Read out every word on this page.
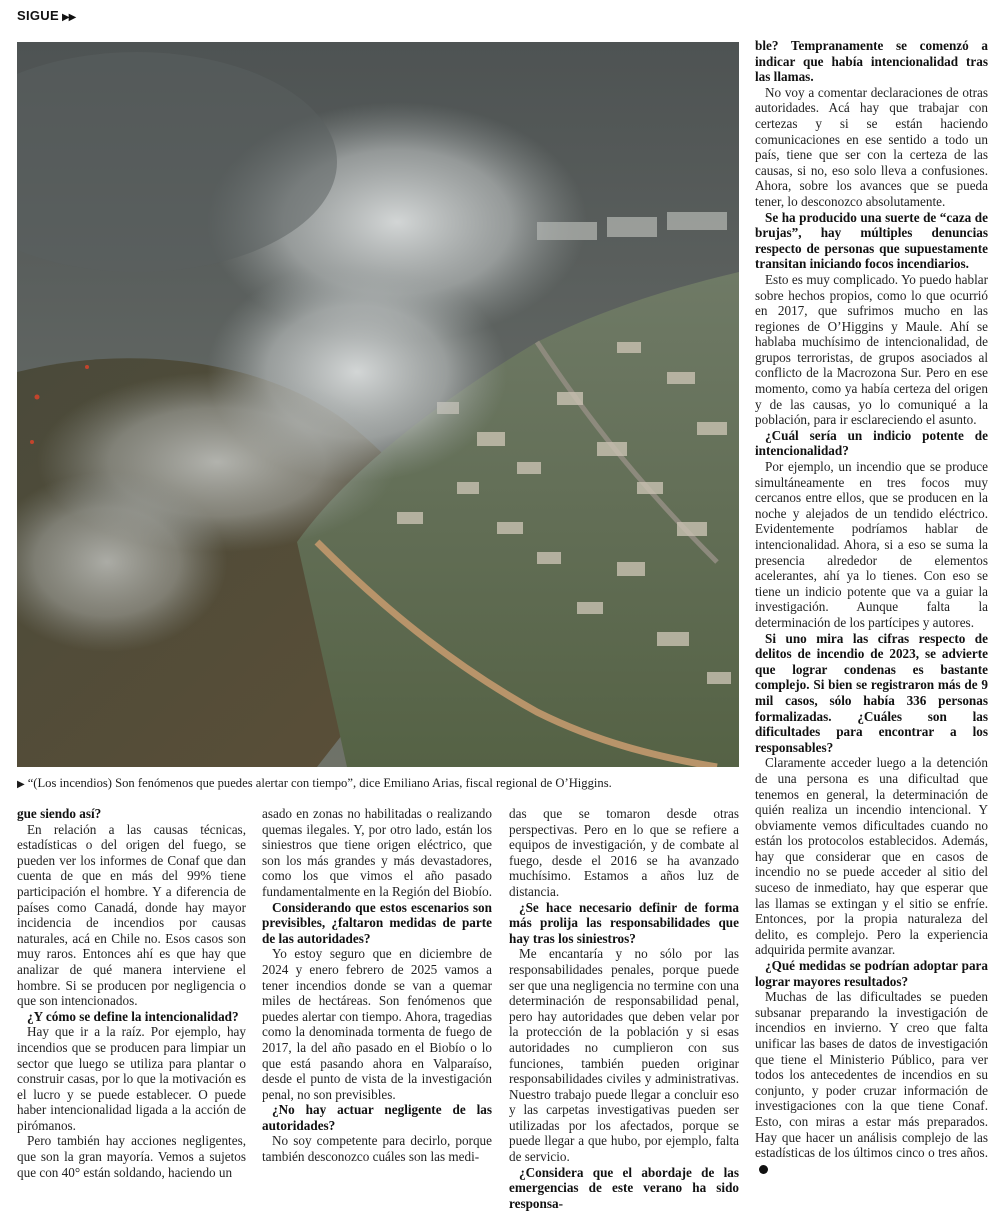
SIGUE ▶▶
▶ “(Los incendios) Son fenómenos que puedes alertar con tiempo”, dice Emiliano Arias, fiscal regional de O’Higgins.

ble? Tempranamente se comenzó a indicar que había intencionalidad tras las llamas.

No voy a comentar declaraciones de otras autoridades. Acá hay que trabajar con certezas y si se están haciendo comunicaciones en ese sentido a todo un país, tiene que ser con la certeza de las causas, si no, eso solo lleva a confusiones. Ahora, sobre los avances que se pueda tener, lo desconozco absolutamente.

Se ha producido una suerte de “caza de brujas”, hay múltiples denuncias respecto de personas que supuestamente transitan iniciando focos incendiarios.

Esto es muy complicado. Yo puedo hablar sobre hechos propios, como lo que ocurrió en 2017, que sufrimos mucho en las regiones de O’Higgins y Maule. Ahí se hablaba muchísimo de intencionalidad, de grupos terroristas, de grupos asociados al conflicto de la Macrozona Sur. Pero en ese momento, como ya había certeza del origen y de las causas, yo lo comuniqué a la población, para ir esclareciendo el asunto.

¿Cuál sería un indicio potente de intencionalidad?

Por ejemplo, un incendio que se produce simultáneamente en tres focos muy cercanos entre ellos, que se producen en la noche y alejados de un tendido eléctrico. Evidentemente podríamos hablar de intencionalidad. Ahora, si a eso se suma la presencia alrededor de elementos acelerantes, ahí ya lo tienes. Con eso se tiene un indicio potente que va a guiar la investigación. Aunque falta la determinación de los partícipes y autores.

Si uno mira las cifras respecto de delitos de incendio de 2023, se advierte que lograr condenas es bastante complejo. Si bien se registraron más de 9 mil casos, sólo había 336 personas formalizadas. ¿Cuáles son las dificultades para encontrar a los responsables?

Claramente acceder luego a la detención de una persona es una dificultad que tenemos en general, la determinación de quién realiza un incendio intencional. Y obviamente vemos dificultades cuando no están los protocolos establecidos. Además, hay que considerar que en casos de incendio no se puede acceder al sitio del suceso de inmediato, hay que esperar que las llamas se extingan y el sitio se enfríe. Entonces, por la propia naturaleza del delito, es complejo. Pero la experiencia adquirida permite avanzar.

¿Qué medidas se podrían adoptar para lograr mayores resultados?

Muchas de las dificultades se pueden subsanar preparando la investigación de incendios en invierno. Y creo que falta unificar las bases de datos de investigación que tiene el Ministerio Público, para ver todos los antecedentes de incendios en su conjunto, y poder cruzar información de investigaciones con la que tiene Conaf. Esto, con miras a estar más preparados. Hay que hacer un análisis complejo de las estadísticas de los últimos cinco o tres años.

gue siendo así?

En relación a las causas técnicas, estadísticas o del origen del fuego, se pueden ver los informes de Conaf que dan cuenta de que en más del 99% tiene participación el hombre. Y a diferencia de países como Canadá, donde hay mayor incidencia de incendios por causas naturales, acá en Chile no. Esos casos son muy raros. Entonces ahí es que hay que analizar de qué manera interviene el hombre. Si se producen por negligencia o que son intencionados.

¿Y cómo se define la intencionalidad?

Hay que ir a la raíz. Por ejemplo, hay incendios que se producen para limpiar un sector que luego se utiliza para plantar o construir casas, por lo que la motivación es el lucro y se puede establecer. O puede haber intencionalidad ligada a la acción de pirómanos.

Pero también hay acciones negligentes, que son la gran mayoría. Vemos a sujetos que con 40° están soldando, haciendo un

asado en zonas no habilitadas o realizando quemas ilegales. Y, por otro lado, están los siniestros que tiene origen eléctrico, que son los más grandes y más devastadores, como los que vimos el año pasado fundamentalmente en la Región del Biobío.

Considerando que estos escenarios son previsibles, ¿faltaron medidas de parte de las autoridades?

Yo estoy seguro que en diciembre de 2024 y enero febrero de 2025 vamos a tener incendios donde se van a quemar miles de hectáreas. Son fenómenos que puedes alertar con tiempo. Ahora, tragedias como la denominada tormenta de fuego de 2017, la del año pasado en el Biobío o lo que está pasando ahora en Valparaíso, desde el punto de vista de la investigación penal, no son previsibles.

¿No hay actuar negligente de las autoridades?

No soy competente para decirlo, porque también desconozco cuáles son las medi-

das que se tomaron desde otras perspectivas. Pero en lo que se refiere a equipos de investigación, y de combate al fuego, desde el 2016 se ha avanzado muchísimo. Estamos a años luz de distancia.

¿Se hace necesario definir de forma más prolija las responsabilidades que hay tras los siniestros?

Me encantaría y no sólo por las responsabilidades penales, porque puede ser que una negligencia no termine con una determinación de responsabilidad penal, pero hay autoridades que deben velar por la protección de la población y si esas autoridades no cumplieron con sus funciones, también pueden originar responsabilidades civiles y administrativas. Nuestro trabajo puede llegar a concluir eso y las carpetas investigativas pueden ser utilizadas por los afectados, porque se puede llegar a que hubo, por ejemplo, falta de servicio.

¿Considera que el abordaje de las emergencias de este verano ha sido responsa-
